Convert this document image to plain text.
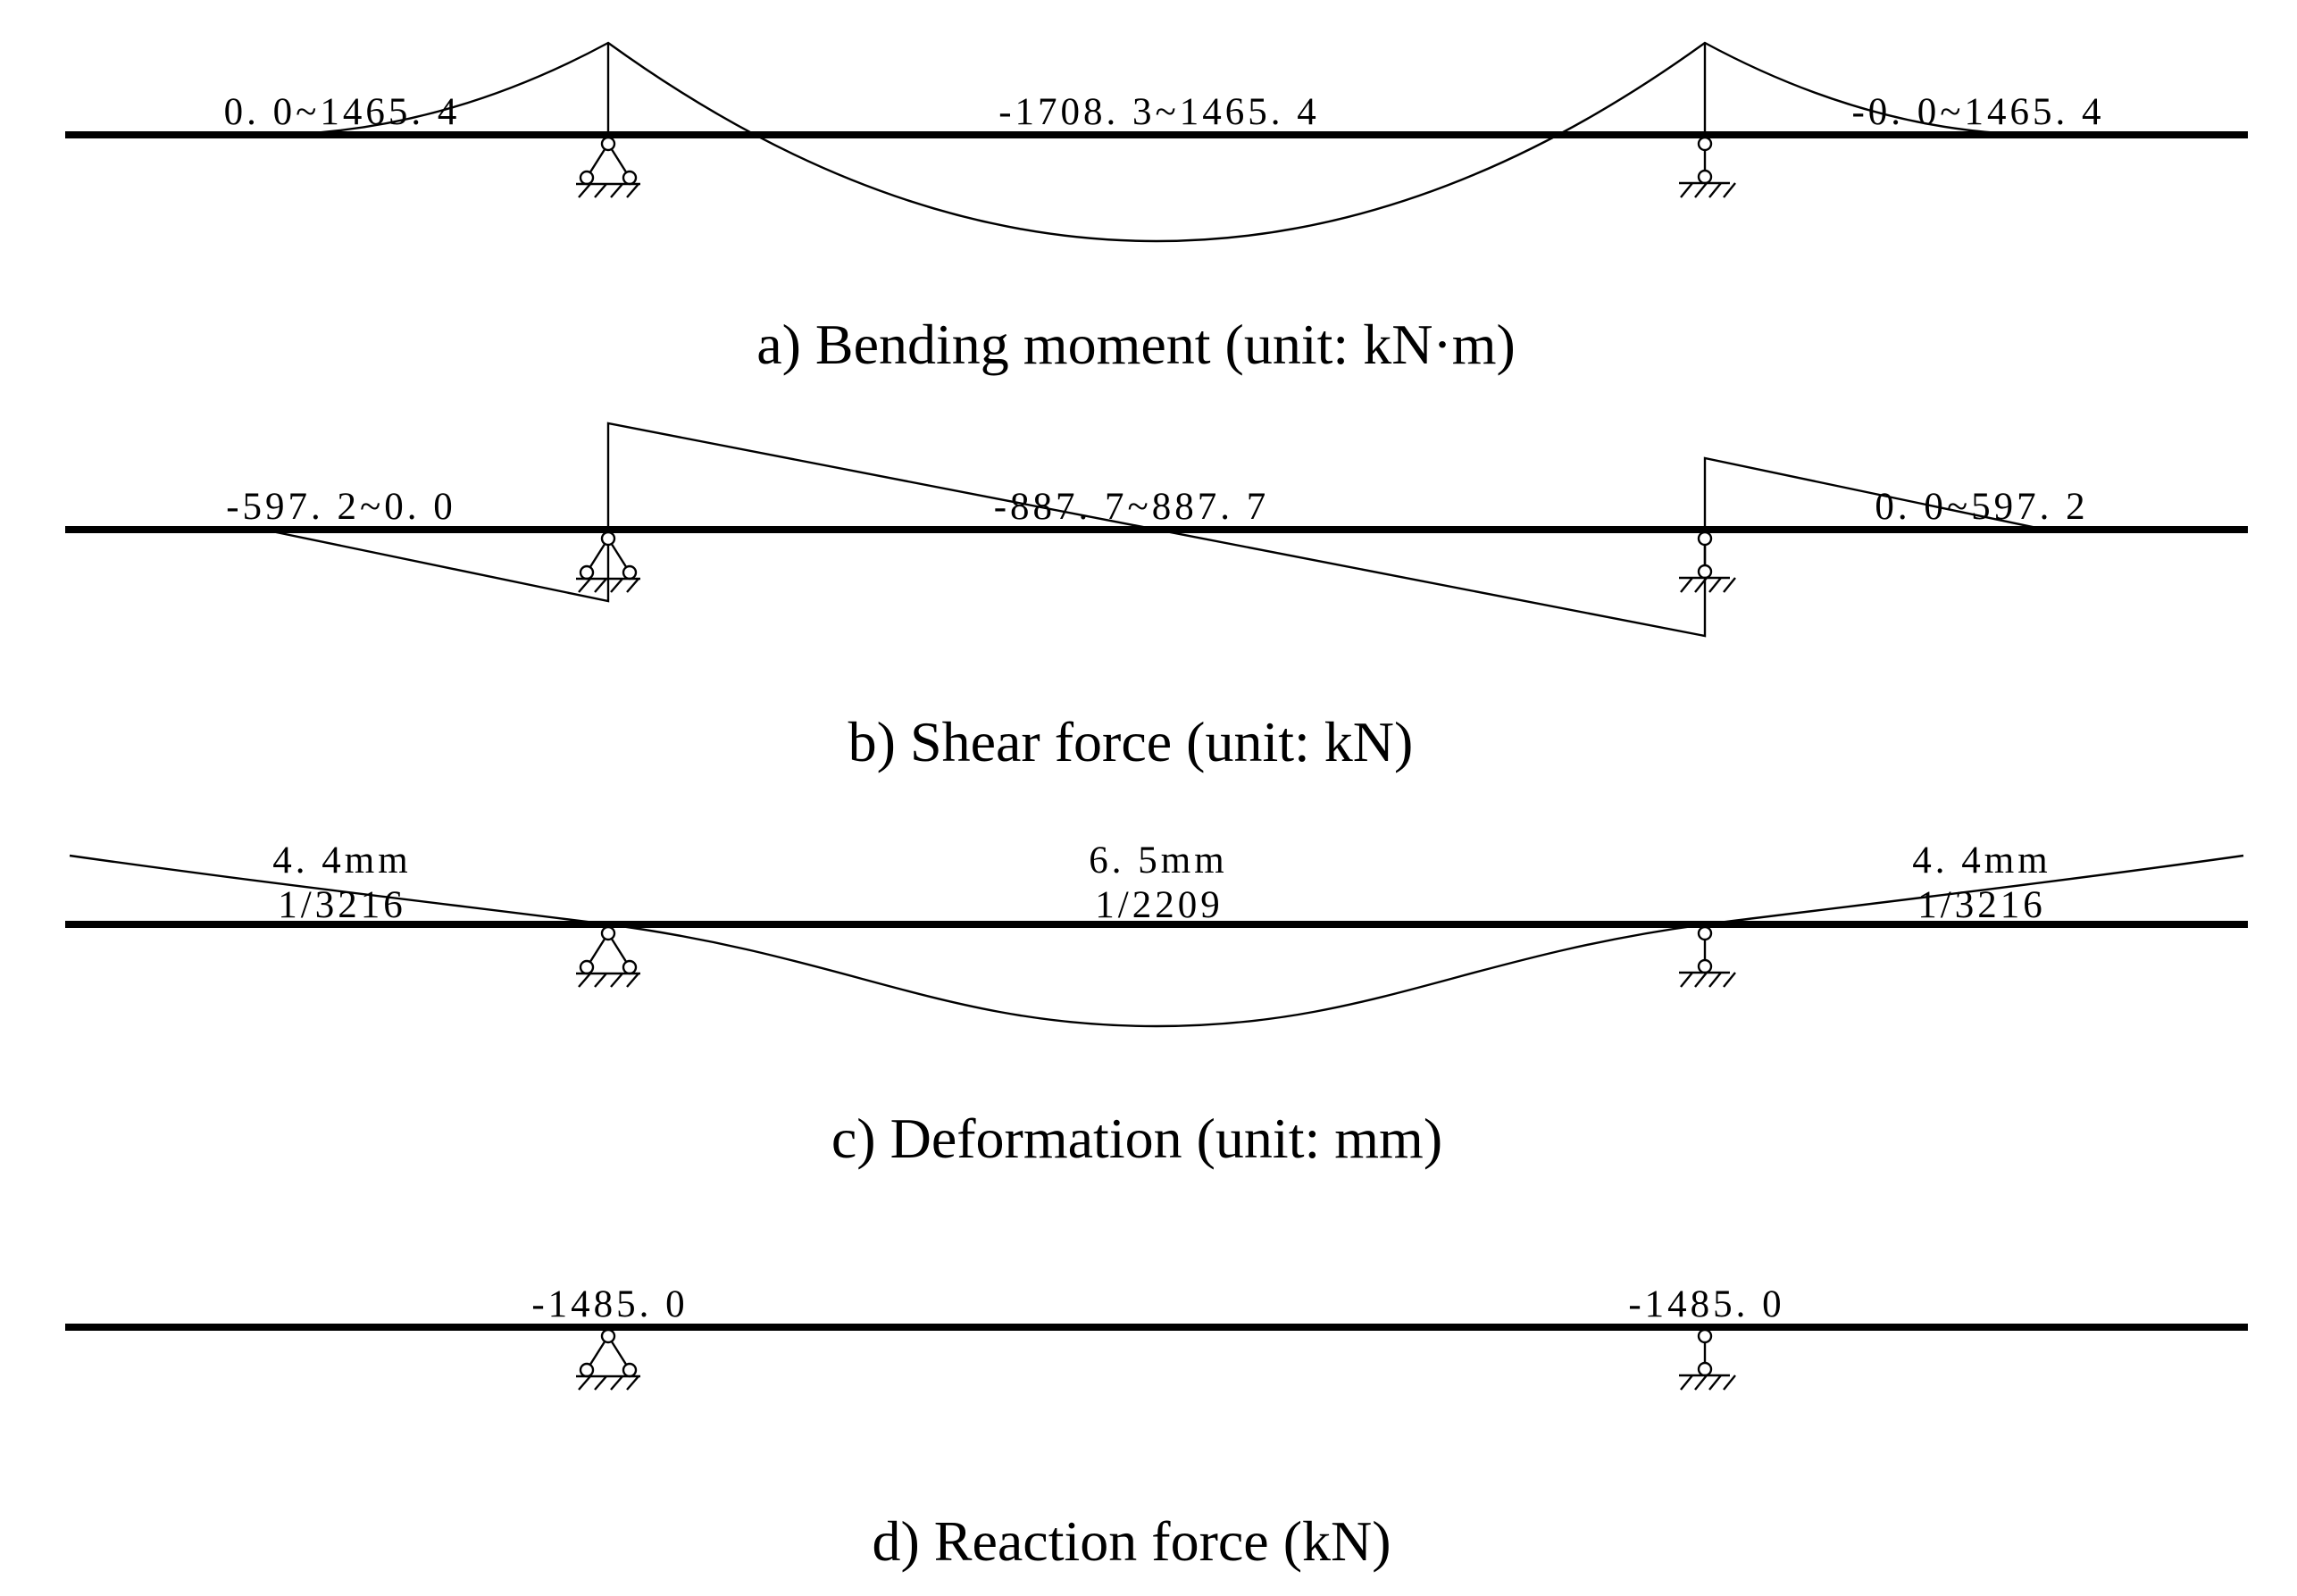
0. 0~1465. 4	-1708. 3~1465. 4	-0. 0~1465. 4
a) Bending moment (unit: kN·m)
-597. 2~0. 0	-887. 7~887. 7	0. 0~597. 2
b) Shear force (unit: kN)
4. 4mm
1/3216
6. 5mm
1/2209
4. 4mm
1/3216
c) Deformation (unit: mm)
-1485. 0	-1485. 0
d) Reaction force (kN)
